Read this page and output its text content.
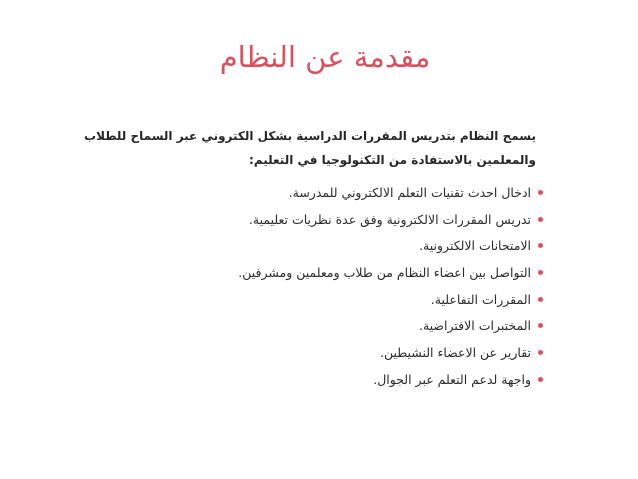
مقدمة عن النظام
يسمح النظام بتدريس المقررات الدراسية بشكل الكتروني عبر السماح للطلاب
والمعلمين بالاستفادة من التكنولوجيا في التعليم:
ادخال احدث تقنيات التعلم الالكتروني للمدرسة.
تدريس المقررات الالكترونية وفق عدة نظريات تعليمية.
الامتحانات الالكترونية.
التواصل بين اعضاء النظام من طلاب ومعلمين ومشرفين.
المقررات التفاعلية.
المختبرات الافتراضية.
تقارير عن الاعضاء النشيطين.
واجهة لدعم التعلم عبر الجوال.
